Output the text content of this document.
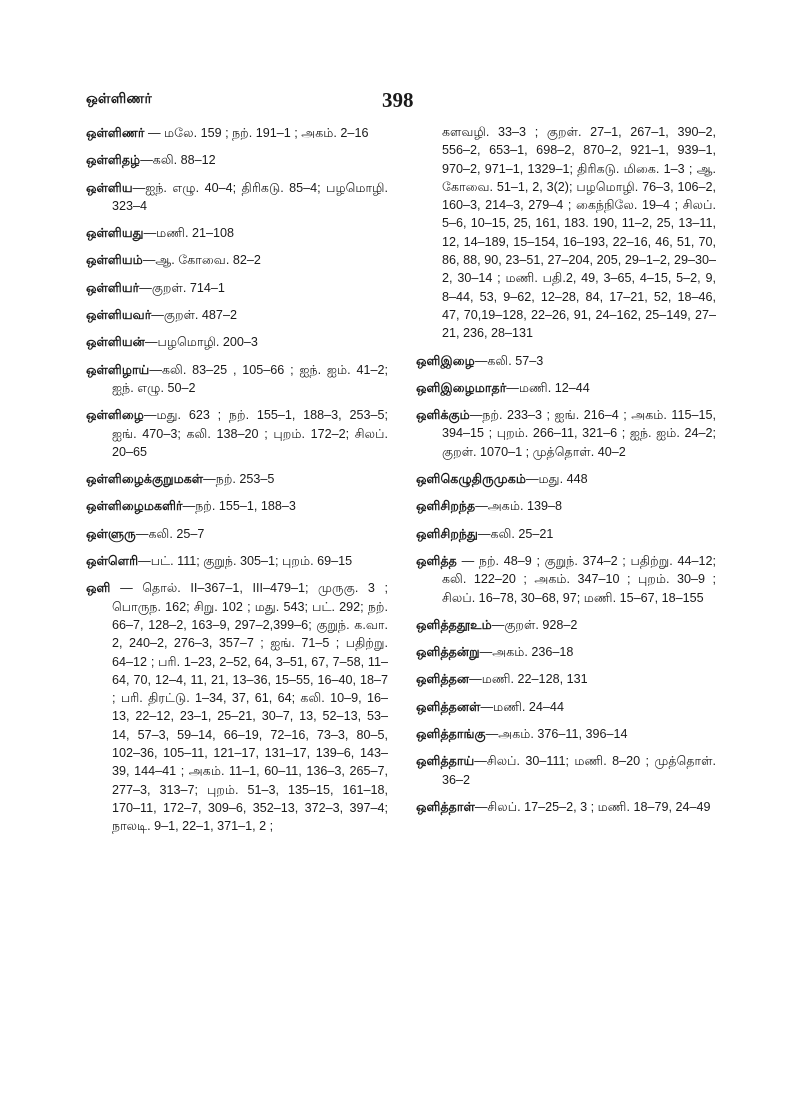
ஒள்ளிணர்	398

ஒள்ளிணர் — மலே. 159 ; நற். 191–1 ; அகம். 2–16

ஒள்ளிதழ்—கலி. 88–12

ஒள்ளிய—ஐந். எழு. 40–4; திரிகடு. 85–4; பழமொழி. 323–4

ஒள்ளியது—மணி. 21–108

ஒள்ளியம்—ஆ. கோவை. 82–2

ஒள்ளியர்—குறள். 714–1

ஒள்ளியவர்—குறள். 487–2

ஒள்ளியன்—பழமொழி. 200–3

ஒள்ளிழாய்—கலி. 83–25 , 105–66 ; ஐந். ஐம். 41–2; ஐந். எழு. 50–2

ஒள்ளிழை—மது. 623 ; நற். 155–1, 188–3, 253–5; ஐங். 470–3; கலி. 138–20 ; புறம். 172–2; சிலப். 20–65

ஒள்ளிழைக்குறுமகள்—நற். 253–5

ஒள்ளிழைமகளிர்—நற். 155–1, 188–3

ஒள்ளுரு—கலி. 25–7

ஒள்ளெரி—பட். 111; குறுந். 305–1; புறம். 69–15

ஒளி — தொல். II–367–1, III–479–1; முருகு. 3 ; பொருந. 162; சிறு. 102 ; மது. 543; பட். 292; நற். 66–7, 128–2, 163–9, 297–2,399–6; குறுந். க.வா. 2, 240–2, 276–3, 357–7 ; ஐங். 71–5 ; பதிற்று. 64–12 ; பரி. 1–23, 2–52, 64, 3–51, 67, 7–58, 11–64, 70, 12–4, 11, 21, 13–36, 15–55, 16–40, 18–7 ; பரி. திரட்டு. 1–34, 37, 61, 64; கலி. 10–9, 16–13, 22–12, 23–1, 25–21, 30–7, 13, 52–13, 53–14, 57–3, 59–14, 66–19, 72–16, 73–3, 80–5, 102–36, 105–11, 121–17, 131–17, 139–6, 143–39, 144–41 ; அகம். 11–1, 60–11, 136–3, 265–7, 277–3, 313–7; புறம். 51–3, 135–15, 161–18, 170–11, 172–7, 309–6, 352–13, 372–3, 397–4; நாலடி. 9–1, 22–1, 371–1, 2 ;

களவழி. 33–3 ; குறள். 27–1, 267–1, 390–2, 556–2, 653–1, 698–2, 870–2, 921–1, 939–1, 970–2, 971–1, 1329–1; திரிகடு. மிகை. 1–3 ; ஆ. கோவை. 51–1, 2, 3(2); பழமொழி. 76–3, 106–2, 160–3, 214–3, 279–4 ; கைந்நிலே. 19–4 ; சிலப். 5–6, 10–15, 25, 161, 183. 190, 11–2, 25, 13–11, 12, 14–189, 15–154, 16–193, 22–16, 46, 51, 70, 86, 88, 90, 23–51, 27–204, 205, 29–1–2, 29–30–2, 30–14 ; மணி. பதி.2, 49, 3–65, 4–15, 5–2, 9, 8–44, 53, 9–62, 12–28, 84, 17–21, 52, 18–46, 47, 70,19–128, 22–26, 91, 24–162, 25–149, 27–21, 236, 28–131

ஒளிஇழை—கலி. 57–3

ஒளிஇழைமாதர்—மணி. 12–44

ஒளிக்கும்—நற். 233–3 ; ஐங். 216–4 ; அகம். 115–15, 394–15 ; புறம். 266–11, 321–6 ; ஐந். ஐம். 24–2; குறள். 1070–1 ; முத்தொள். 40–2

ஒளிகெழுதிருமுகம்—மது. 448

ஒளிசிறந்த—அகம். 139–8

ஒளிசிறந்து—கலி. 25–21

ஒளித்த — நற். 48–9 ; குறுந். 374–2 ; பதிற்று. 44–12; கலி. 122–20 ; அகம். 347–10 ; புறம். 30–9 ; சிலப். 16–78, 30–68, 97; மணி. 15–67, 18–155

ஒளித்ததூஉம்—குறள். 928–2

ஒளித்தன்று—அகம். 236–18

ஒளித்தன—மணி. 22–128, 131

ஒளித்தனள்—மணி. 24–44

ஒளித்தாங்கு—அகம். 376–11, 396–14

ஒளித்தாய்—சிலப். 30–111; மணி. 8–20 ; முத்தொள். 36–2

ஒளித்தாள்—சிலப். 17–25–2, 3 ; மணி. 18–79, 24–49
